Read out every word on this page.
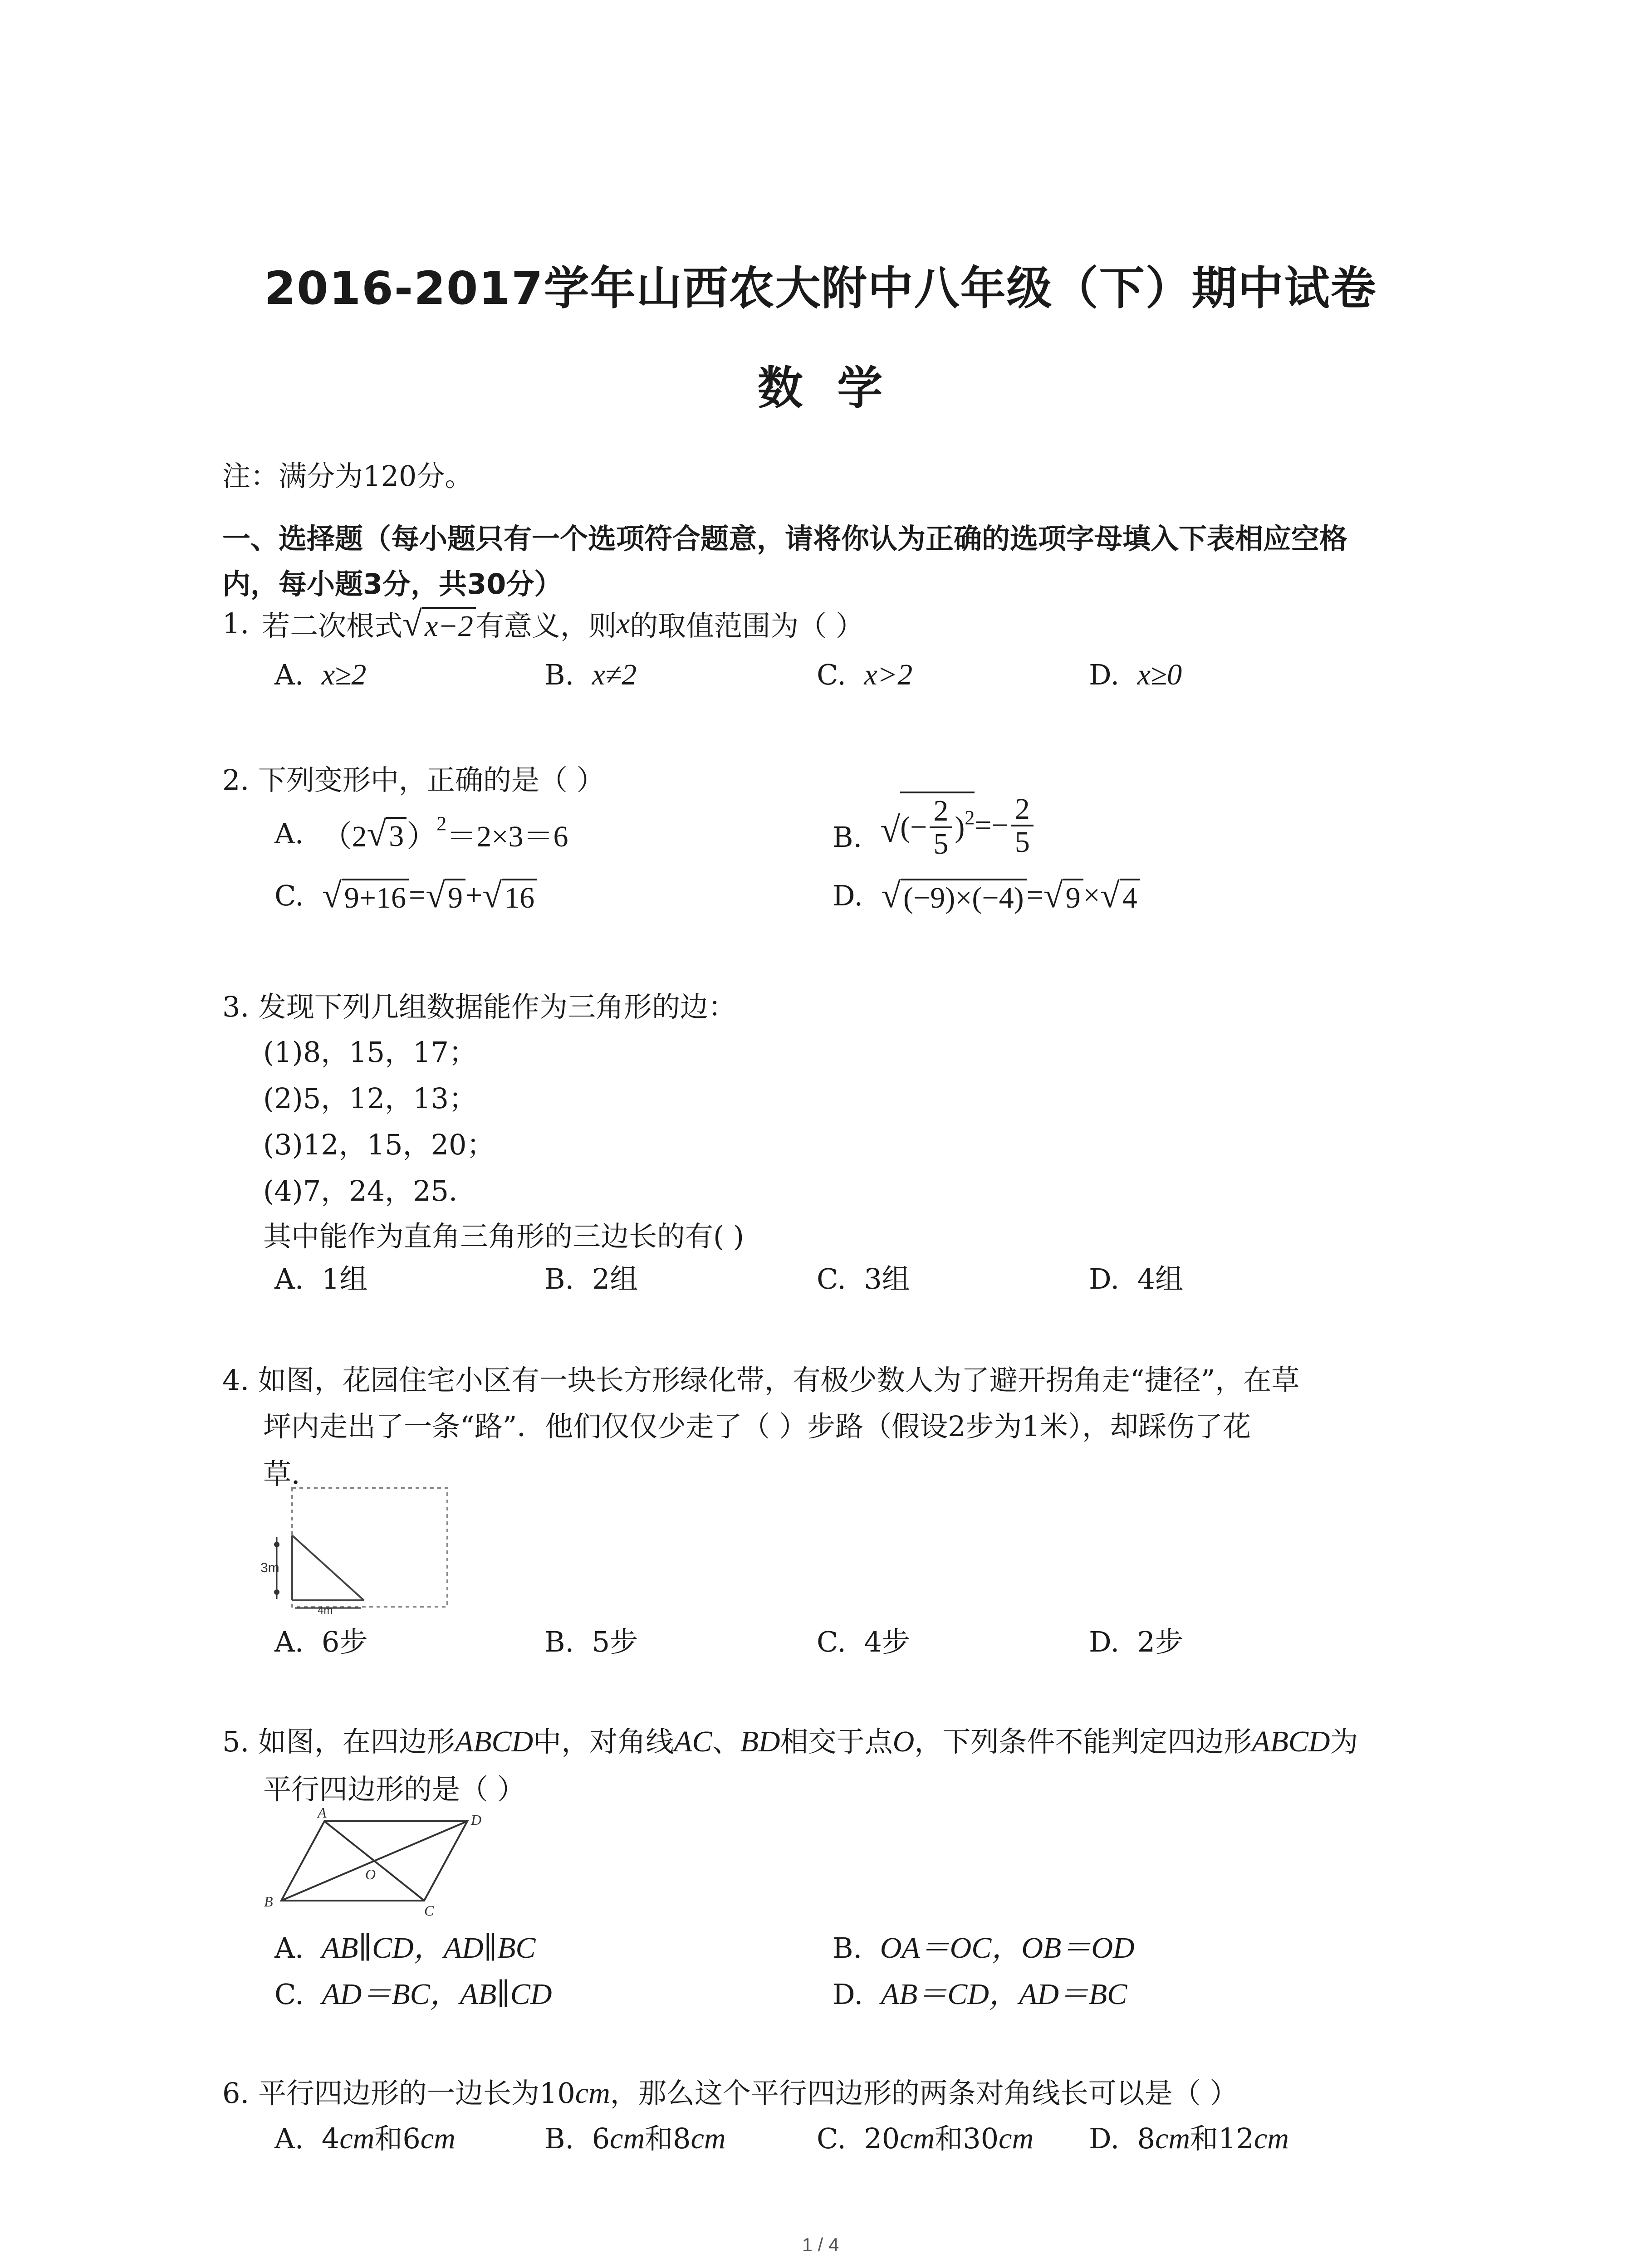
2016-2017学年山西农大附中八年级（下）期中试卷
数  学
注：满分为120分。
一、选择题（每小题只有一个选项符合题意，请将你认为正确的选项字母填入下表相应空格
内，每小题3分，共30分）
1. 若二次根式 √ x−2 有意义，则 x 的取值范围为（ ）
A. x≥2	B. x≠2	C. x>2	D. x≥0
2. 下列变形中，正确的是（ ）
A. （2 √ 3 ）$^2$ ＝2×3＝6	B. √ (− $\frac{2}{5} )^2 =- \frac{2}{5}$
C. √ 9+16 = √ 9 + √ 16	D. √ (−9)×(−4) = √ 9 × √ 4
3. 发现下列几组数据能作为三角形的边：
(1)8，15，17；
(2)5，12，13；
(3)12，15，20；
(4)7，24，25．
其中能作为直角三角形的三边长的有( )
A. 1组	B. 2组	C. 3组	D. 4组
4. 如图，花园住宅小区有一块长方形绿化带，有极少数人为了避开拐角走“捷径”，在草
坪内走出了一条“路”．他们仅仅少走了（ ）步路（假设2步为1米），却踩伤了花
草．
3m
4m
A. 6步	B. 5步	C. 4步	D. 2步
5. 如图，在四边形ABCD中，对角线AC、BD相交于点O，下列条件不能判定四边形ABCD为
平行四边形的是（ ）
A	D
B
C
O
A. AB∥CD，AD∥BC	B. OA＝OC，OB＝OD
C. AD＝BC，AB∥CD	D. AB＝CD，AD＝BC
6. 平行四边形的一边长为10cm，那么这个平行四边形的两条对角线长可以是（ ）
A. 4cm和6cm	B. 6cm和8cm	C. 20cm和30cm D. 8cm和12cm
1 / 4
